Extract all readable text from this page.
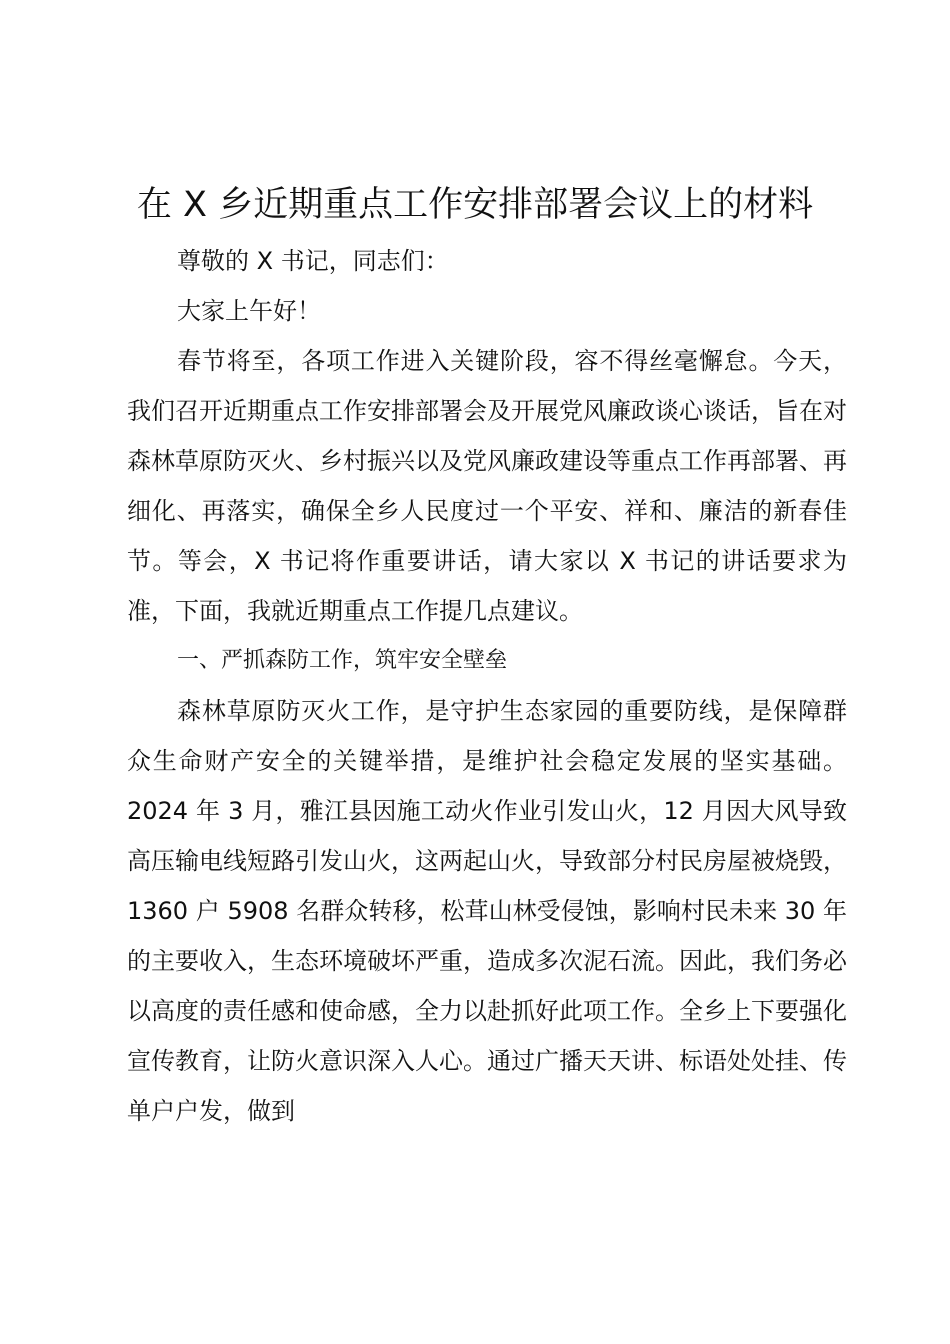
在 X 乡近期重点工作安排部署会议上的材料

尊敬的 X 书记，同志们：

大家上午好！

春节将至，各项工作进入关键阶段，容不得丝毫懈怠。今天，我们召开近期重点工作安排部署会及开展党风廉政谈心谈话，旨在对森林草原防灭火、乡村振兴以及党风廉政建设等重点工作再部署、再细化、再落实，确保全乡人民度过一个平安、祥和、廉洁的新春佳节。等会，X 书记将作重要讲话，请大家以 X 书记的讲话要求为准，下面，我就近期重点工作提几点建议。

一、严抓森防工作，筑牢安全壁垒

森林草原防灭火工作，是守护生态家园的重要防线，是保障群众生命财产安全的关键举措，是维护社会稳定发展的坚实基础。2024 年 3 月，雅江县因施工动火作业引发山火，12 月因大风导致高压输电线短路引发山火，这两起山火，导致部分村民房屋被烧毁，1360 户 5908 名群众转移，松茸山林受侵蚀，影响村民未来 30 年的主要收入，生态环境破坏严重，造成多次泥石流。因此，我们务必以高度的责任感和使命感，全力以赴抓好此项工作。全乡上下要强化宣传教育，让防火意识深入人心。通过广播天天讲、标语处处挂、传单户户发，做到
